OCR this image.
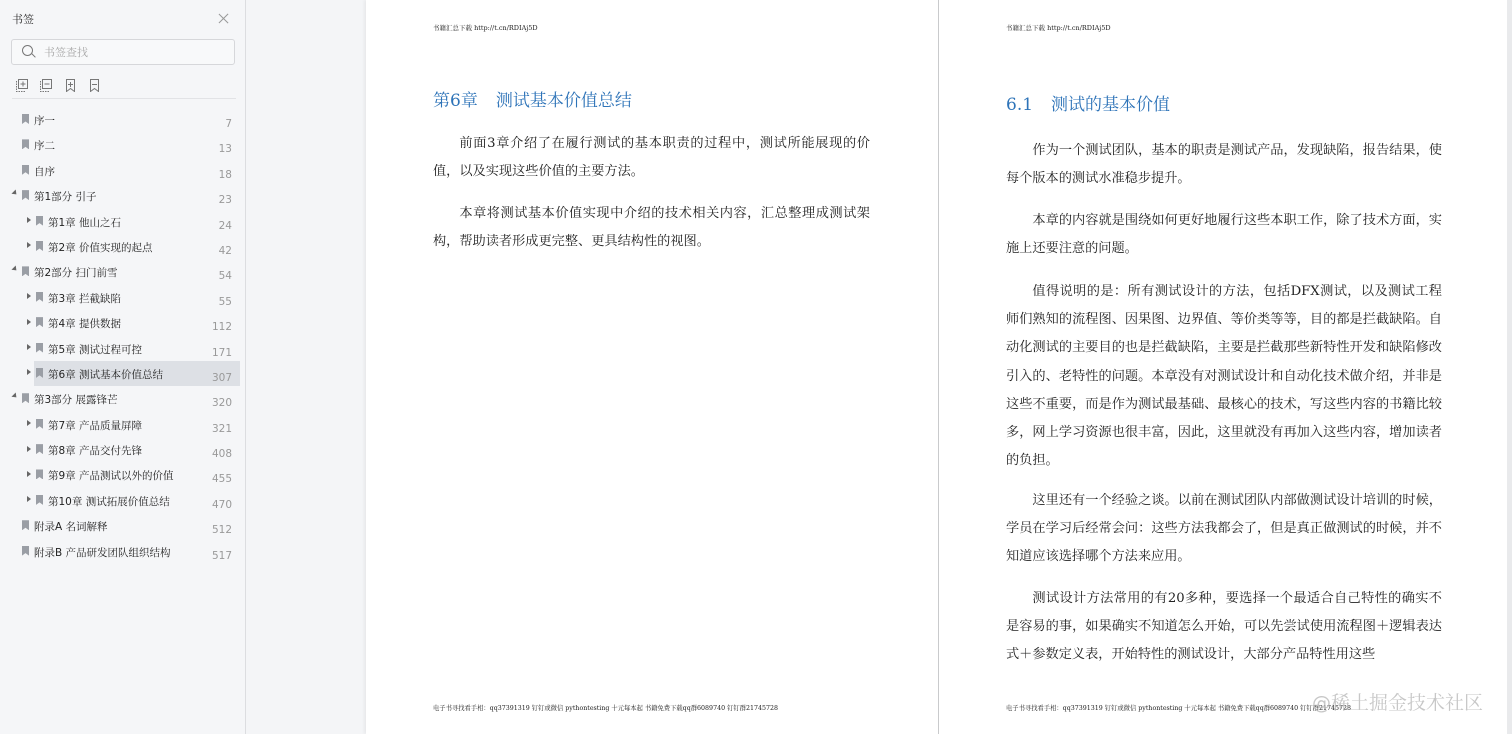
书签
书签查找
序一	7
序二	13
自序	18
第1部分 引子	23
第1章 他山之石	24
第2章 价值实现的起点	42
第2部分 扫门前雪	54
第3章 拦截缺陷	55
第4章 提供数据	112
第5章 测试过程可控	171
第6章 测试基本价值总结	307
第3部分 展露锋芒	320
第7章 产品质量屏障	321
第8章 产品交付先锋	408
第9章 产品测试以外的价值	455
第10章 测试拓展价值总结	470
附录A 名词解释	512
附录B 产品研发团队组织结构	517
书籍汇总下载 http://t.cn/RDIAj5D
第6章 测试基本价值总结
前面3章介绍了在履行测试的基本职责的过程中，测试所能展现的价值，以及实现这些价值的主要方法。
本章将测试基本价值实现中介绍的技术相关内容，汇总整理成测试架构，帮助读者形成更完整、更具结构性的视图。
电子书寻找看手相：qq37391319 钉钉或微信 pythontesting 十元每本起 书籍免费下载qq群6089740 钉钉群21745728
书籍汇总下载 http://t.cn/RDIAj5D
6.1 测试的基本价值
作为一个测试团队，基本的职责是测试产品，发现缺陷，报告结果，使每个版本的测试水准稳步提升。
本章的内容就是围绕如何更好地履行这些本职工作，除了技术方面，实施上还要注意的问题。
值得说明的是：所有测试设计的方法，包括DFX测试，以及测试工程师们熟知的流程图、因果图、边界值、等价类等等，目的都是拦截缺陷。自动化测试的主要目的也是拦截缺陷，主要是拦截那些新特性开发和缺陷修改引入的、老特性的问题。本章没有对测试设计和自动化技术做介绍，并非是这些不重要，而是作为测试最基础、最核心的技术，写这些内容的书籍比较多，网上学习资源也很丰富，因此，这里就没有再加入这些内容，增加读者的负担。
这里还有一个经验之谈。以前在测试团队内部做测试设计培训的时候，学员在学习后经常会问：这些方法我都会了，但是真正做测试的时候，并不知道应该选择哪个方法来应用。
测试设计方法常用的有20多种，要选择一个最适合自己特性的确实不是容易的事，如果确实不知道怎么开始，可以先尝试使用流程图＋逻辑表达式＋参数定义表，开始特性的测试设计，大部分产品特性用这些
电子书寻找看手相：qq37391319 钉钉或微信 pythontesting 十元每本起 书籍免费下载qq群6089740 钉钉群21745728
@稀土掘金技术社区
